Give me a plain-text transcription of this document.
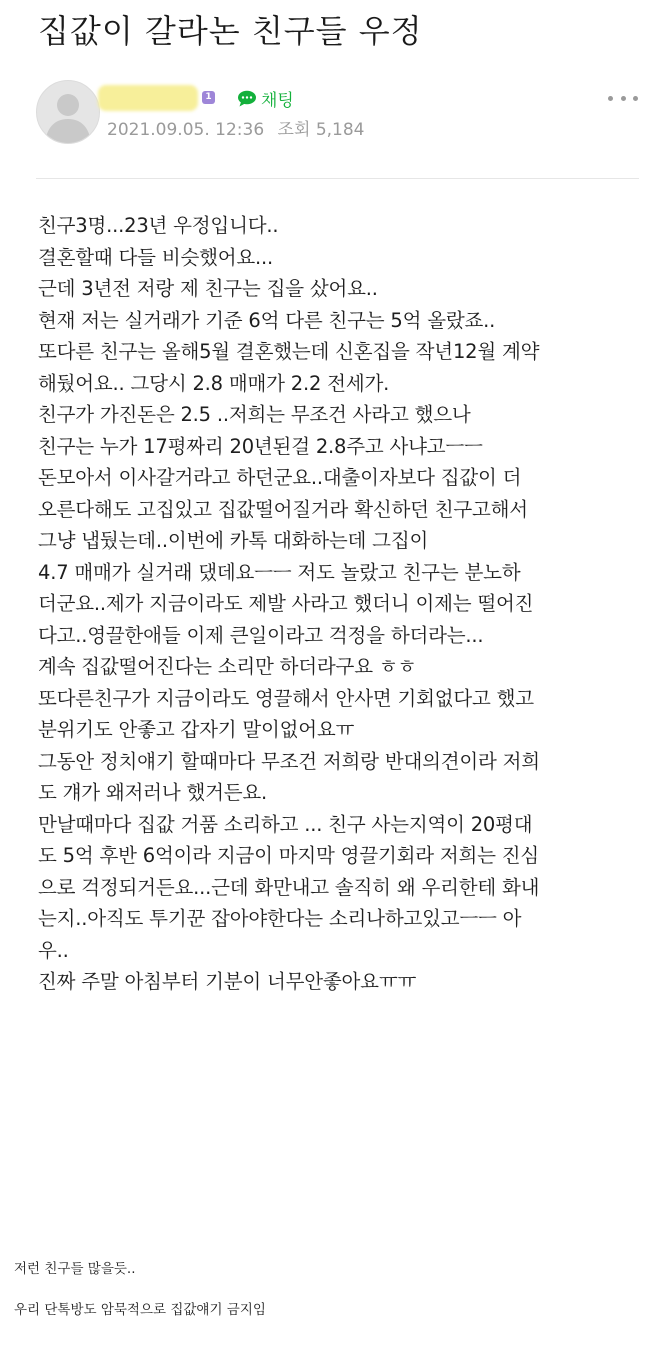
집값이 갈라논 친구들 우정
1	채팅
2021.09.05. 12:36 조회 5,184
친구3명...23년 우정입니다..
결혼할때 다들 비슷했어요...
근데 3년전 저랑 제 친구는 집을 샀어요..
현재 저는 실거래가 기준 6억 다른 친구는 5억 올랐죠..
또다른 친구는 올해5월 결혼했는데 신혼집을 작년12월 계약
해뒀어요.. 그당시 2.8 매매가 2.2 전세가.
친구가 가진돈은 2.5 ..저희는 무조건 사라고 했으나
친구는 누가 17평짜리 20년된걸 2.8주고 사냐고ㅡㅡ
돈모아서 이사갈거라고 하던군요..대출이자보다 집값이 더
오른다해도 고집있고 집값떨어질거라 확신하던 친구고해서
그냥 냅뒀는데..이번에 카톡 대화하는데 그집이
4.7 매매가 실거래 댔데요ㅡㅡ 저도 놀랐고 친구는 분노하
더군요..제가 지금이라도 제발 사라고 했더니 이제는 떨어진
다고..영끌한애들 이제 큰일이라고 걱정을 하더라는...
계속 집값떨어진다는 소리만 하더라구요 ㅎㅎ
또다른친구가 지금이라도 영끌해서 안사면 기회없다고 했고
분위기도 안좋고 갑자기 말이없어요ㅠ
그동안 정치얘기 할때마다 무조건 저희랑 반대의견이라 저희
도 걔가 왜저러나 했거든요.
만날때마다 집값 거품 소리하고 ... 친구 사는지역이 20평대
도 5억 후반 6억이라 지금이 마지막 영끌기회라 저희는 진심
으로 걱정되거든요...근데 화만내고 솔직히 왜 우리한테 화내
는지..아직도 투기꾼 잡아야한다는 소리나하고있고ㅡㅡ 아
우..
진짜 주말 아침부터 기분이 너무안좋아요ㅠㅠ
저런 친구들 많을듯..
우리 단톡방도 암묵적으로 집값얘기 금지임
